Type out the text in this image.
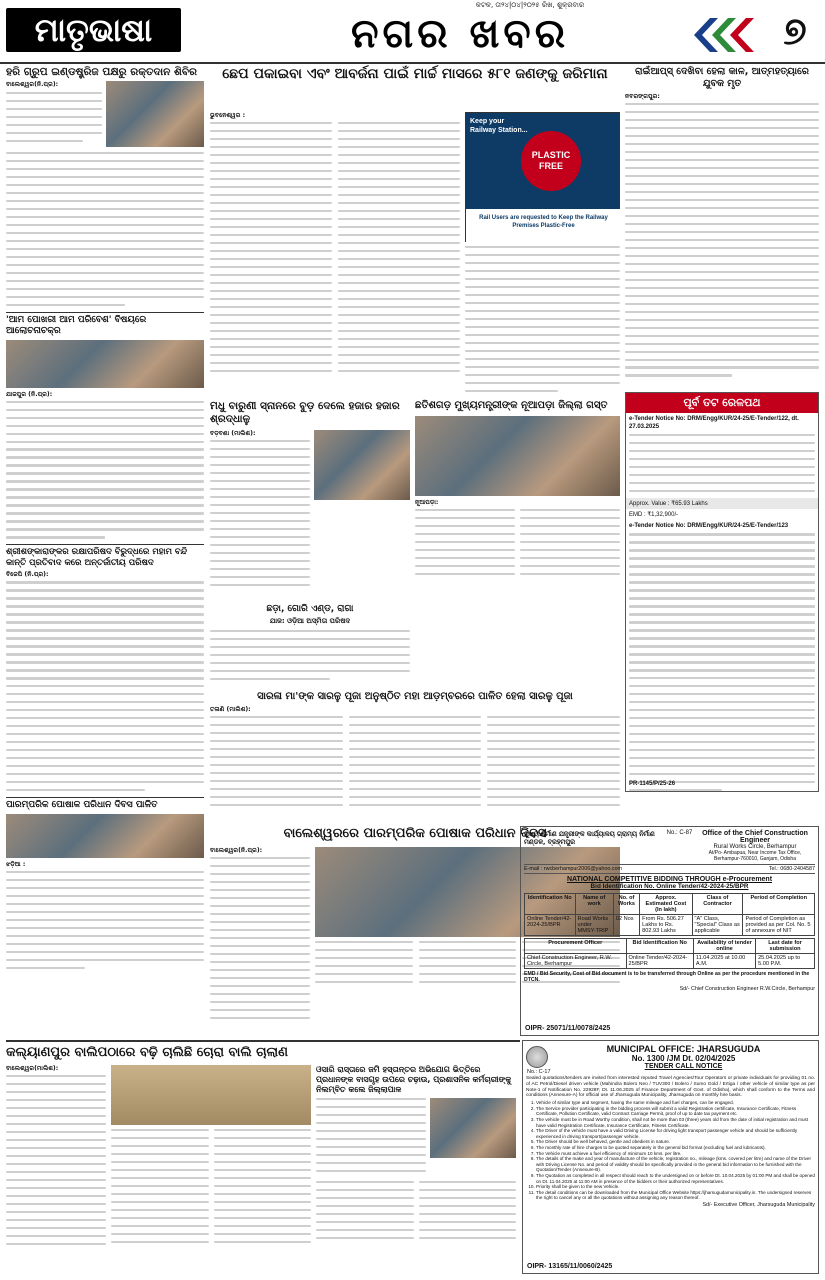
ମାତୃଭାଷା
କଟକ, ତା୨୪|୦୪|୨୦୨୫ ରିଖ, ଶୁକ୍ରବାର
ନଗର ଖବର	୭
ହରି ଗ୍ରୁପ ଇଣ୍ଡଷ୍ଟ୍ରିଜ ପକ୍ଷରୁ ରକ୍ତଦାନ ଶିବିର
ବାଲେଶ୍ୱର(ନି.ପ୍ର):
'ଆମ ପୋଖରୀ ଆମ ପରିବେଶ' ବିଷୟରେ ଆଲୋଚନାଚକ୍ର
ଯାଜପୁର (ନି.ପ୍ର):
ଶ୍ରୀଶଙ୍କାରାଙ୍କର ରକ୍ଷାପରିଷଦ ବିରୁଦ୍ଧରେ ମହାମ ବନ୍ଦି କାନ୍ତି ପ୍ରତିବାଦ କରେ ଅନ୍ତର୍ଜାତୀୟ ପରିଷଦ
ବିଜେପି (ନି.ପ୍ର):
ପାରମ୍ପରିକ ପୋଷାକ ପରିଧାନ ଦିବସ ପାଳିତ
ଝଡ଼ିଆ :
ଛେପ ପକାଇବା ଏବଂ ଆବର୍ଜନା ପାଇଁ ମାର୍ଚ୍ଚ ମାସରେ ୫୮୧ ଜଣଙ୍କୁ ଜରିମାନା
ଭୁବନେଶ୍ୱର :
Keep your Railway Station...
PLASTIC FREE
Rail Users are requested to Keep the Railway Premises Plastic-Free
ରାଇଁଆପ୍ସ୍ ଦେଖିବା ହେଲା କାଳ, ଆତ୍ମହତ୍ୟାରେ ଯୁବକ ମୃତ
ନବରଙ୍ଗପୁର:
ପୂର୍ବ ତଟ ରେଳପଥ
e-Tender Notice No: DRM/Engg/KUR/24-25/E-Tender/122, dt. 27.03.2025
Approx. Value : ₹65.93 Lakhs
EMD : ₹1,32,900/-
e-Tender Notice No: DRM/Engg/KUR/24-25/E-Tender/123
PR-1145/P/25-26
ମଧୁ ବାରୁଣୀ ସ୍ନାନରେ ବୁଡ଼ ଦେଲେ ହଜାର ହଜାର ଶ୍ରଦ୍ଧାଳୁ
ବଡ଼ବଣା (ମାଲିଶ):
ଛତିଶଗଡ଼ ମୁଖ୍ୟମନ୍ତ୍ରୀଙ୍କ ନୂଆପଡ଼ା ଜିଲ୍ଲା ଗସ୍ତ
ନୂଆପଡ଼ା:
ଛଡ଼ା, ଗୋରି ଏଣ୍ଡ, ରାଗା
ଯାଜ: ଓଡ଼ିଆ ଅସ୍ମିତା ପରିଷଦ
ସାରଳା ମା'ଙ୍କ ସାରଳୁ ପୂଜା ଅନୁଷ୍ଠିତ ମହା ଆଡ଼ମ୍ବରରେ ପାଳିତ ହେଲା ସାରଳୁ ପୂଜା
ତଳାଣି (ମାଲିଶ):
ବାଲେଶ୍ୱରରେ ପାରମ୍ପରିକ ପୋଷାକ ପରିଧାନ ଦିବସ
ବାଲେଶ୍ୱର(ନି.ପ୍ର):
କଲ୍ୟାଣପୁର ବାଲିପଠାରେ ବଢ଼ି ଚାଲିଛି ଚୋରା ବାଲି ଚାଲାଣ
ବାଲେଶ୍ୱର(ମାଲିଶ):	ଓସାରି ରାସ୍ତାରେ ଜମି ହସ୍ତାନ୍ତର ଅଭିଯୋଗ ଭିତ୍ତିରେ ପ୍ରଧାନଙ୍କ ବାସଗୃହ ଉପରେ ଚଢ଼ାଉ, ପ୍ରଶାସନିକ କର୍ମଚାରୀଙ୍କୁ ନିଲମ୍ବିତ କଲେ ଜିଲ୍ଲାପାଳ
ମୁଖ୍ୟ ନିର୍ମାଣ ଯନ୍ତ୍ରୀଙ୍କ କାର୍ଯ୍ୟାଳୟ ଗ୍ରାମ୍ୟ ନିର୍ମାଣ ମଣ୍ଡଳ, ବ୍ରହ୍ମପୁର
No.: C-87	Office of the Chief Construction Engineer
Rural Works Circle, Berhampur
At/Po- Ambapua, Near Income Tax Office, Berhampur-760010, Ganjam, Odisha
E-mail : rwcberhampur2006@yahoo.com	Tel.: 0680-2404587
NATIONAL COMPETITIVE BIDDING THROUGH e-Procurement
Bid Identification No. Online Tender/42-2024-25/BPR
Identification No	Name of work	No. of Works	Approx. Estimated Cost (In lakh)	Class of Contractor	Period of Completion
Online Tender/42-2024-25/BPR	Road Works under MMSY-TRIP	02 Nos	From Rs. 506.27 Lakhs to Rs. 802.93 Lakhs	"A" Class, "Special" Class as applicable	Period of Completion as provided as per Col. No. 5 of annexure of NIT
Procurement Officer	Bid Identification No	Availability of tender online	Last date for submission
Chief Construction Engineer, R.W. Circle, Berhampur	Online Tender/42-2024-25/BPR	11.04.2025 at 10.00 A.M.	25.04.2025 up to 5.00 P.M.
EMD / Bid Security, Cost of Bid document is to be transferred through Online as per the procedure mentioned in the DTCN.
Sd/- Chief Construction Engineer R.W.Circle, Berhampur
OIPR- 25071/11/0078/2425
MUNICIPAL OFFICE: JHARSUGUDA
No. 1300 /JM Dt. 02/04/2025
TENDER CALL NOTICE
No.: C-17
Sealed quotations/tenders are invited from interested reputed Travel Agencies/Tour Operators or private individuals for providing 01 no. of AC Petrol/Diesel driven vehicle (Mahindra Bolero Neo / TUV300 / Bolero / Sumo Gold / Ertiga / other vehicle of similar type as per Note-1 of Notification No. 22928F, Dt. 11.06.2025 of Finance Department of Govt. of Odisha), which shall conform to the Terms and conditions (Annexure-A) for official use of Jharsuguda Municipality, Jharsuguda on monthly hire basis.
1. Vehicle of similar type and segment, having the same mileage and fuel charges, can be engaged.
2. The Service provider participating in the bidding process will submit a valid Registration certificate, Insurance Certificate, Fitness Certificate, Pollution Certificate, valid Contract Carriage Permit, proof of up to date tax payment etc.
3. The vehicle must be in Road Worthy condition, shall not be more than 03 (three) years old from the date of initial registration and must have valid Registration Certificate, Insurance Certificate, Fitness Certificate.
4. The Driver of the vehicle must have a valid Driving License for driving light transport passenger vehicle and should be sufficiently experienced in driving transport/passenger vehicle.
5. The Driver should be well behaved, gentle and obedient in nature.
6. The monthly rate of hire charges to be quoted separately in the general bid format (excluding fuel and lubricants).
7. The Vehicle must achieve a fuel efficiency of minimum 10 kms. per litre.
8. The details of the make and year of manufacture of the vehicle, registration no., mileage (kms. covered per litre) and name of the Driver with Driving License No. and period of validity should be specifically provided in the general bid information to be furnished with the Quotation/Tender (Annexure-B).
9. The Quotation as completed in all respect should reach to the undersigned on or before Dt. 10.04.2025 by 01:00 PM and shall be opened on Dt. 11.04.2025 at 11:00 AM in presence of the bidders or their authorized representatives.
10. Priority shall be given to the new Vehicle.
11. The detail conditions can be downloaded from the Municipal Office Website https://jharsugudamunicipality.in. The undersigned reserves the right to cancel any or all the quotations without assigning any reason thereof.
Sd/- Executive Officer, Jharsuguda Municipality
OIPR- 13165/11/0060/2425
